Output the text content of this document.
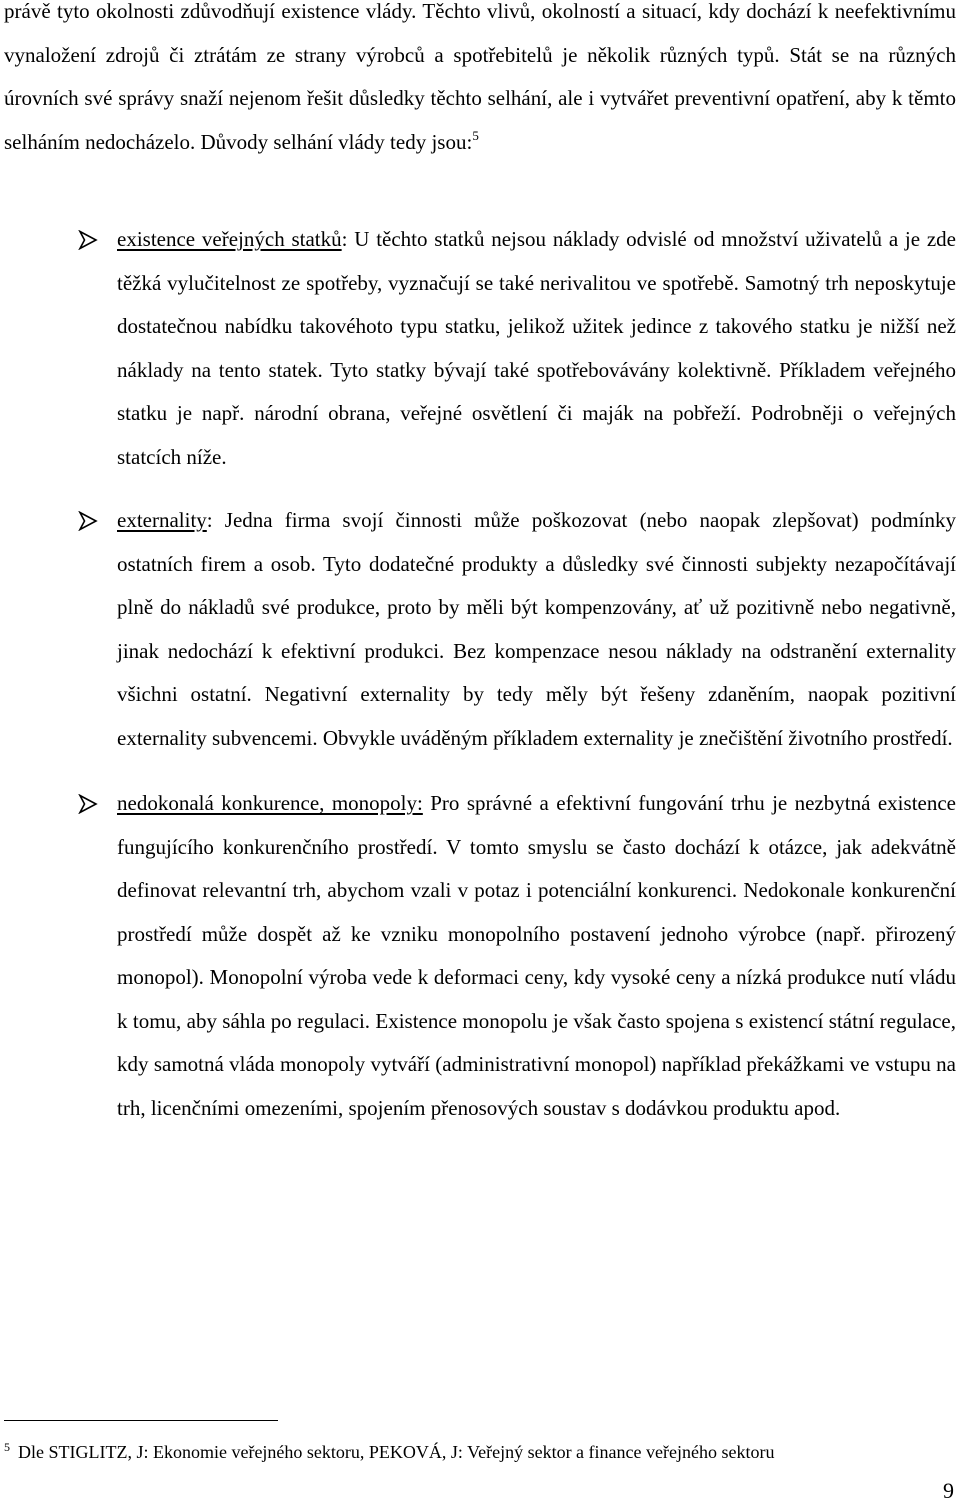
právě tyto okolnosti zdůvodňují existence vlády. Těchto vlivů, okolností a situací, kdy dochází k neefektivnímu vynaložení zdrojů či ztrátám ze strany výrobců a spotřebitelů je několik různých typů. Stát se na různých úrovních své správy snaží nejenom řešit důsledky těchto selhání, ale i vytvářet preventivní opatření, aby k těmto selháním nedocházelo. Důvody selhání vlády tedy jsou:$^5$

existence veřejných statků: U těchto statků nejsou náklady odvislé od množství uživatelů a je zde těžká vylučitelnost ze spotřeby, vyznačují se také nerivalitou ve spotřebě. Samotný trh neposkytuje dostatečnou nabídku takovéhoto typu statku, jelikož užitek jedince z takového statku je nižší než náklady na tento statek. Tyto statky bývají také spotřebovávány kolektivně. Příkladem veřejného statku je např. národní obrana, veřejné osvětlení či maják na pobřeží. Podrobněji o veřejných statcích níže.

externality: Jedna firma svojí činnosti může poškozovat (nebo naopak zlepšovat) podmínky ostatních firem a osob. Tyto dodatečné produkty a důsledky své činnosti subjekty nezapočítávají plně do nákladů své produkce, proto by měli být kompenzovány, ať už pozitivně nebo negativně, jinak nedochází k efektivní produkci. Bez kompenzace nesou náklady na odstranění externality všichni ostatní. Negativní externality by tedy měly být řešeny zdaněním, naopak pozitivní externality subvencemi. Obvykle uváděným příkladem externality je znečištění životního prostředí.

nedokonalá konkurence, monopoly: Pro správné a efektivní fungování trhu je nezbytná existence fungujícího konkurenčního prostředí. V tomto smyslu se často dochází k otázce, jak adekvátně definovat relevantní trh, abychom vzali v potaz i potenciální konkurenci. Nedokonale konkurenční prostředí může dospět až ke vzniku monopolního postavení jednoho výrobce (např. přirozený monopol). Monopolní výroba vede k deformaci ceny, kdy vysoké ceny a nízká produkce nutí vládu k tomu, aby sáhla po regulaci. Existence monopolu je však často spojena s existencí státní regulace, kdy samotná vláda monopoly vytváří (administrativní monopol) například překážkami ve vstupu na trh, licenčními omezeními, spojením přenosových soustav s dodávkou produktu apod.

$^5$ Dle STIGLITZ, J: Ekonomie veřejného sektoru, PEKOVÁ, J: Veřejný sektor a finance veřejného sektoru

9
